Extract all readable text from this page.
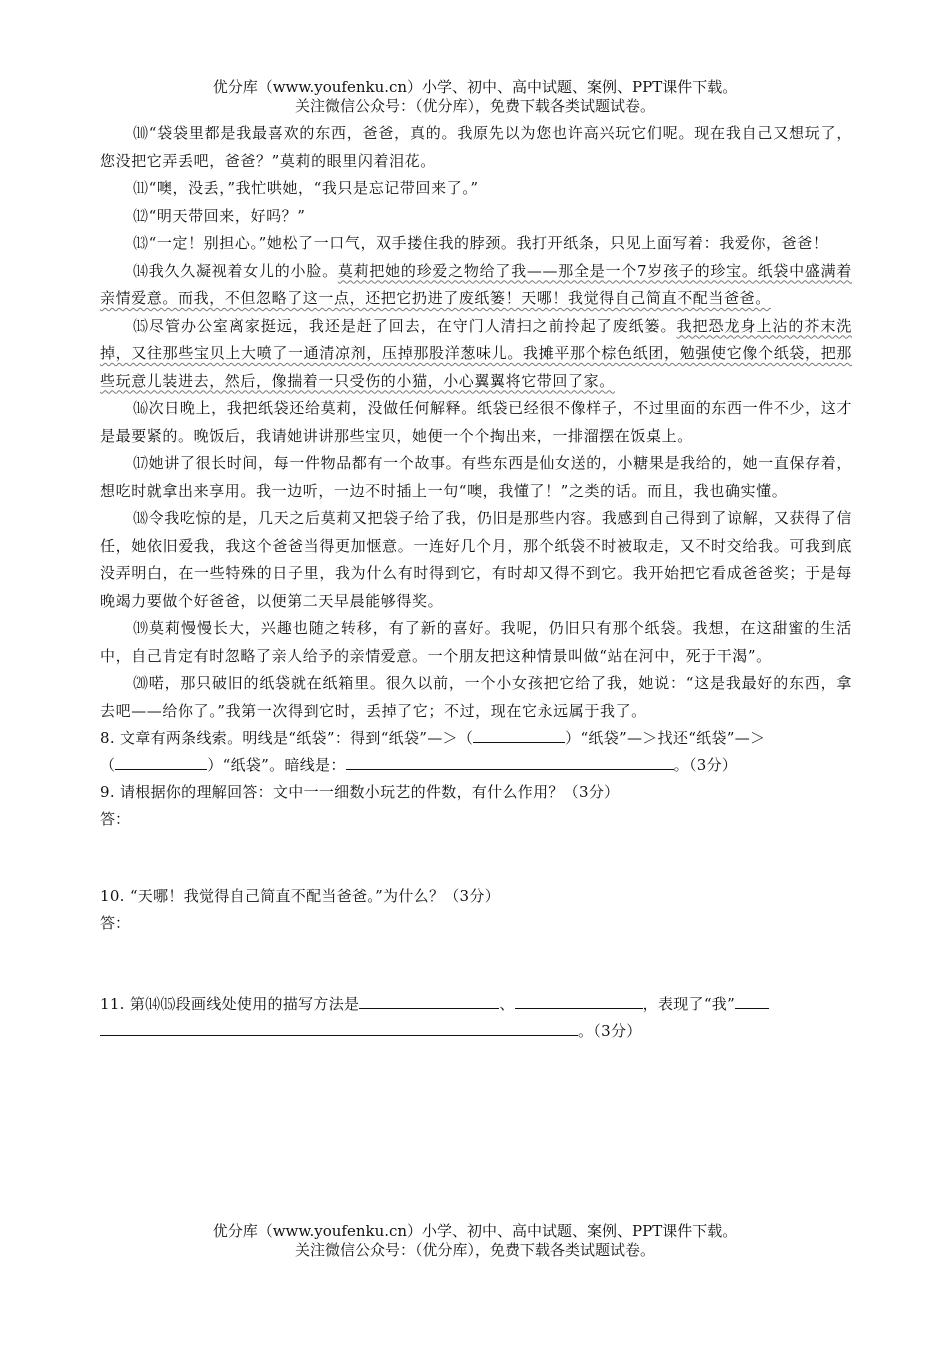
优分库（www.youfenku.cn）小学、初中、高中试题、案例、PPT课件下载。
关注微信公众号：（优分库），免费下载各类试题试卷。

⑽“袋袋里都是我最喜欢的东西，爸爸，真的。我原先以为您也许高兴玩它们呢。现在我自己又想玩了，您没把它弄丢吧，爸爸？”莫莉的眼里闪着泪花。

⑾“噢，没丢，”我忙哄她，“我只是忘记带回来了。”

⑿“明天带回来，好吗？”

⒀“一定！别担心。”她松了一口气，双手搂住我的脖颈。我打开纸条，只见上面写着：我爱你，爸爸！

⒁我久久凝视着女儿的小脸。莫莉把她的珍爱之物给了我——那全是一个7岁孩子的珍宝。纸袋中盛满着亲情爱意。而我，不但忽略了这一点，还把它扔进了废纸篓！天哪！我觉得自己简直不配当爸爸。

⒂尽管办公室离家挺远，我还是赶了回去，在守门人清扫之前拎起了废纸篓。我把恐龙身上沾的芥末洗掉，又往那些宝贝上大喷了一通清凉剂，压掉那股洋葱味儿。我摊平那个棕色纸团，勉强使它像个纸袋，把那些玩意儿装进去，然后，像揣着一只受伤的小猫，小心翼翼将它带回了家。

⒃次日晚上，我把纸袋还给莫莉，没做任何解释。纸袋已经很不像样子，不过里面的东西一件不少，这才是最要紧的。晚饭后，我请她讲讲那些宝贝，她便一个个掏出来，一排溜摆在饭桌上。

⒄她讲了很长时间，每一件物品都有一个故事。有些东西是仙女送的，小糖果是我给的，她一直保存着，想吃时就拿出来享用。我一边听，一边不时插上一句“噢，我懂了！”之类的话。而且，我也确实懂。

⒅令我吃惊的是，几天之后莫莉又把袋子给了我，仍旧是那些内容。我感到自己得到了谅解，又获得了信任，她依旧爱我，我这个爸爸当得更加惬意。一连好几个月，那个纸袋不时被取走，又不时交给我。可我到底没弄明白，在一些特殊的日子里，我为什么有时得到它，有时却又得不到它。我开始把它看成爸爸奖；于是每晚竭力要做个好爸爸，以便第二天早晨能够得奖。

⒆莫莉慢慢长大，兴趣也随之转移，有了新的喜好。我呢，仍旧只有那个纸袋。我想，在这甜蜜的生活中，自己肯定有时忽略了亲人给予的亲情爱意。一个朋友把这种情景叫做“站在河中，死于干渴”。

⒇喏，那只破旧的纸袋就在纸箱里。很久以前，一个小女孩把它给了我，她说：“这是我最好的东西，拿去吧——给你了。”我第一次得到它时，丢掉了它；不过，现在它永远属于我了。

8. 文章有两条线索。明线是“纸袋”：得到“纸袋”—＞（	）“纸袋”—＞找还“纸袋”—＞

（	）“纸袋”。暗线是：	。（3分）

9. 请根据你的理解回答：文中一一细数小玩艺的件数，有什么作用？（3分）

答：

10. “天哪！我觉得自己简直不配当爸爸。”为什么？（3分）

答：

11. 第⒁⒂段画线处使用的描写方法是	、	，表现了“我”

。（3分）

优分库（www.youfenku.cn）小学、初中、高中试题、案例、PPT课件下载。
关注微信公众号：（优分库），免费下载各类试题试卷。
